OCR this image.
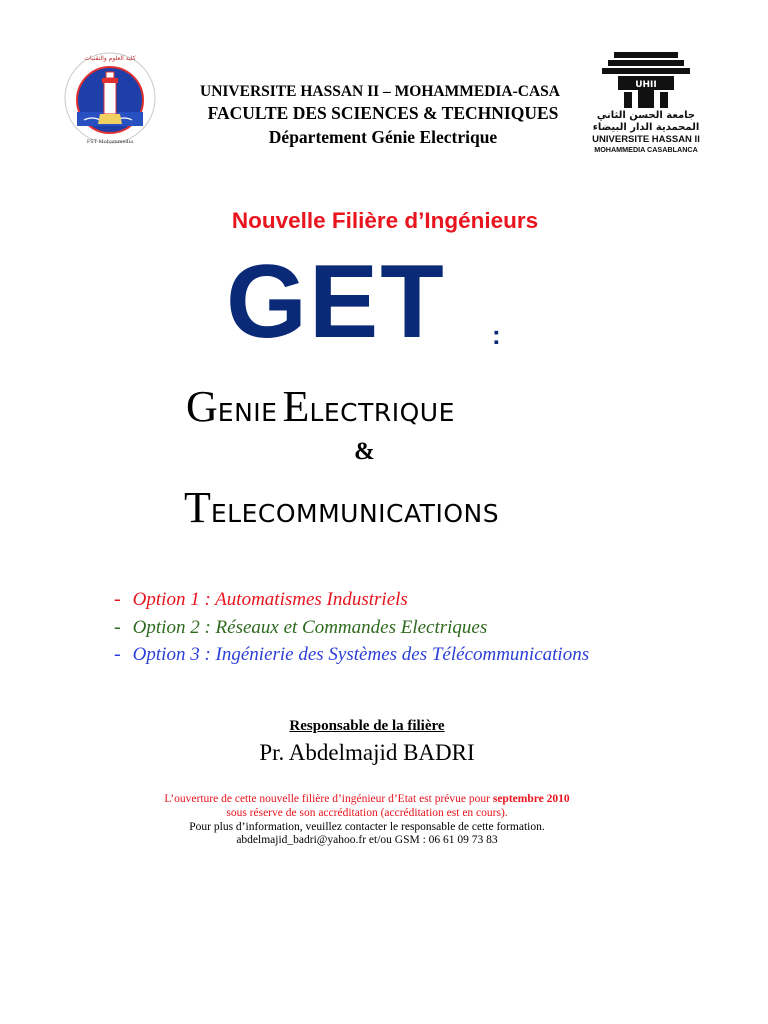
كلية العلوم والتقنيات
FST Mohammedia
UNIVERSITE HASSAN II – MOHAMMEDIA-CASA
FACULTE DES SCIENCES & TECHNIQUES
Département Génie Electrique
UHII
جامعة الحسن الثاني
المحمدية الدار البيضاء
UNIVERSITE HASSAN II
MOHAMMEDIA CASABLANCA
Nouvelle Filière d’Ingénieurs
GET :
GENIE ELECTRIQUE
&
TELECOMMUNICATIONS
- Option 1 : Automatismes Industriels
- Option 2 : Réseaux et Commandes Electriques
- Option 3 : Ingénierie des Systèmes des Télécommunications
Responsable de la filière
Pr. Abdelmajid BADRI
L’ouverture de cette nouvelle filière d’ingénieur d’Etat est prévue pour septembre 2010
sous réserve de son accréditation (accréditation est en cours).
Pour plus d’information, veuillez contacter le responsable de cette formation.
abdelmajid_badri@yahoo.fr et/ou GSM : 06 61 09 73 83
